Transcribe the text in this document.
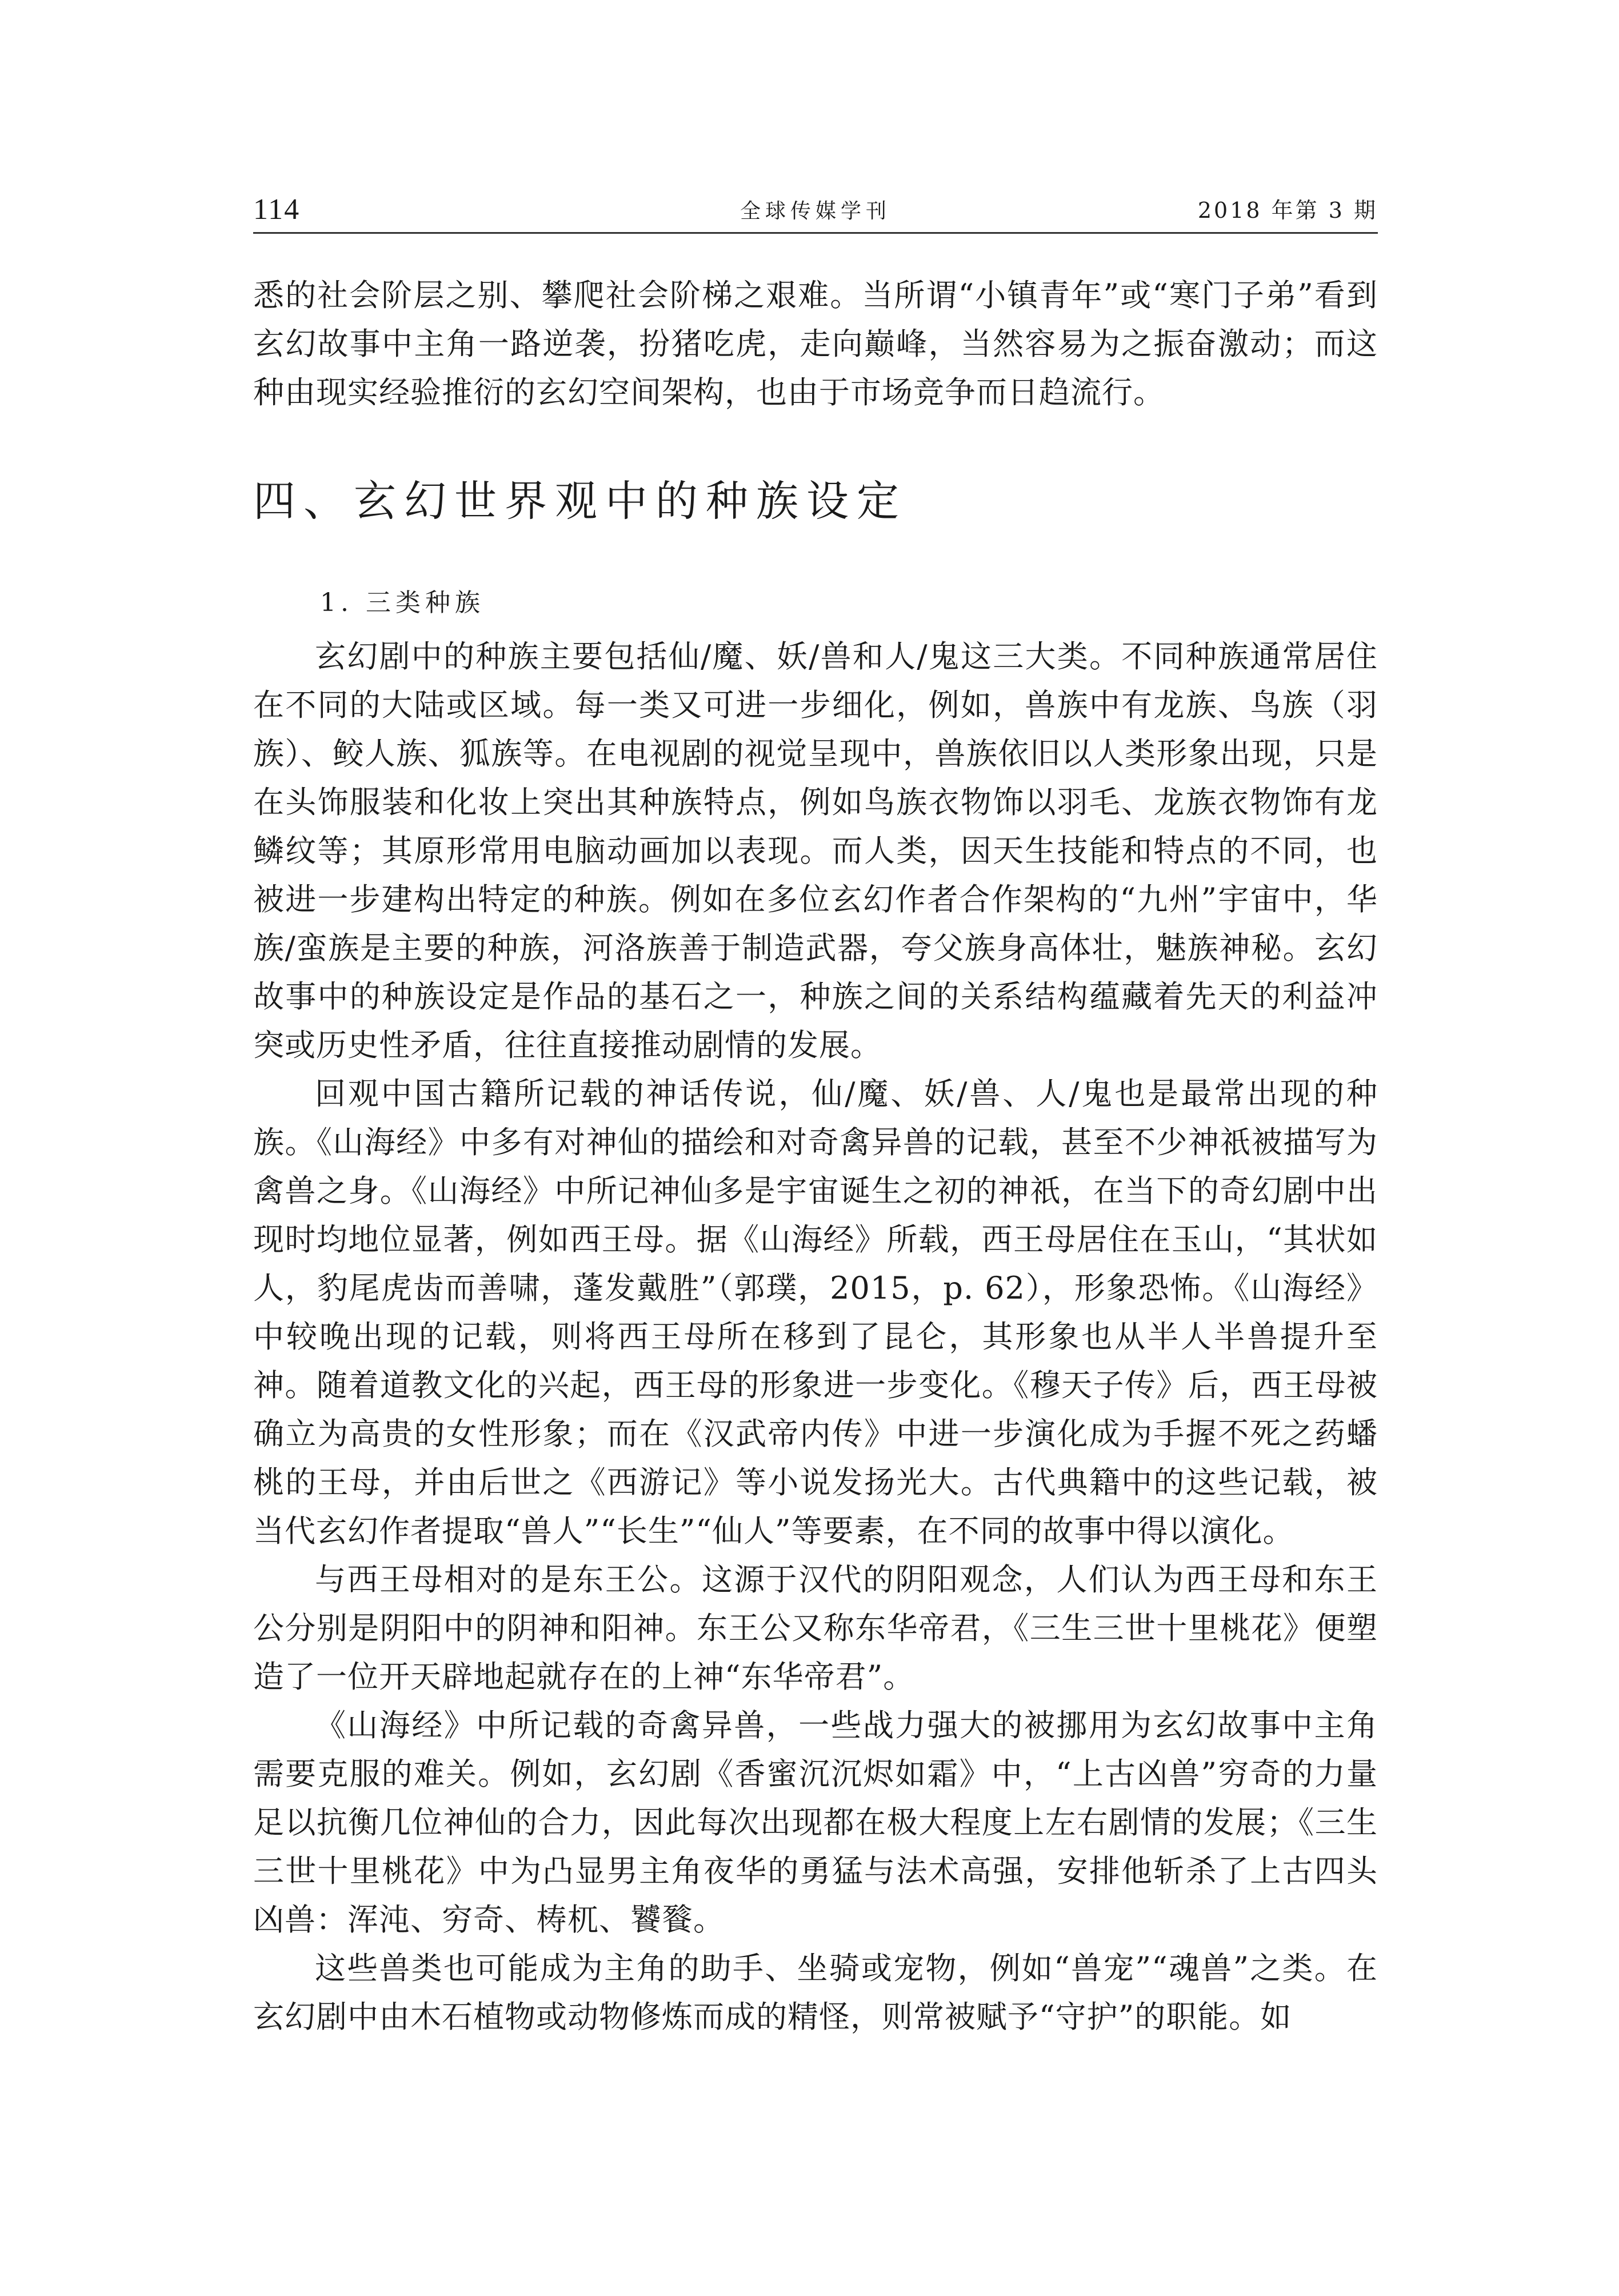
114	全球传媒学刊	2018 年第 3 期

悉的社会阶层之别、攀爬社会阶梯之艰难。当所谓“小镇青年”或“寒门子弟”看到玄幻故事中主角一路逆袭，扮猪吃虎，走向巅峰，当然容易为之振奋激动；而这种由现实经验推衍的玄幻空间架构，也由于市场竞争而日趋流行。

四、玄幻世界观中的种族设定
1. 三类种族

玄幻剧中的种族主要包括仙/魔、妖/兽和人/鬼这三大类。不同种族通常居住在不同的大陆或区域。每一类又可进一步细化，例如，兽族中有龙族、鸟族（羽族）、鲛人族、狐族等。在电视剧的视觉呈现中，兽族依旧以人类形象出现，只是在头饰服装和化妆上突出其种族特点，例如鸟族衣物饰以羽毛、龙族衣物饰有龙鳞纹等；其原形常用电脑动画加以表现。而人类，因天生技能和特点的不同，也被进一步建构出特定的种族。例如在多位玄幻作者合作架构的“九州”宇宙中，华族/蛮族是主要的种族，河洛族善于制造武器，夸父族身高体壮，魅族神秘。玄幻故事中的种族设定是作品的基石之一，种族之间的关系结构蕴藏着先天的利益冲突或历史性矛盾，往往直接推动剧情的发展。

回观中国古籍所记载的神话传说，仙/魔、妖/兽、人/鬼也是最常出现的种族。《山海经》中多有对神仙的描绘和对奇禽异兽的记载，甚至不少神祇被描写为禽兽之身。《山海经》中所记神仙多是宇宙诞生之初的神祇，在当下的奇幻剧中出现时均地位显著，例如西王母。据《山海经》所载，西王母居住在玉山，“其状如人，豹尾虎齿而善啸，蓬发戴胜”（郭璞，2015，p. 62），形象恐怖。《山海经》中较晚出现的记载，则将西王母所在移到了昆仑，其形象也从半人半兽提升至神。随着道教文化的兴起，西王母的形象进一步变化。《穆天子传》后，西王母被确立为高贵的女性形象；而在《汉武帝内传》中进一步演化成为手握不死之药蟠桃的王母，并由后世之《西游记》等小说发扬光大。古代典籍中的这些记载，被当代玄幻作者提取“兽人”“长生”“仙人”等要素，在不同的故事中得以演化。

与西王母相对的是东王公。这源于汉代的阴阳观念，人们认为西王母和东王公分别是阴阳中的阴神和阳神。东王公又称东华帝君，《三生三世十里桃花》便塑造了一位开天辟地起就存在的上神“东华帝君”。

《山海经》中所记载的奇禽异兽，一些战力强大的被挪用为玄幻故事中主角需要克服的难关。例如，玄幻剧《香蜜沉沉烬如霜》中，“上古凶兽”穷奇的力量足以抗衡几位神仙的合力，因此每次出现都在极大程度上左右剧情的发展；《三生三世十里桃花》中为凸显男主角夜华的勇猛与法术高强，安排他斩杀了上古四头凶兽：浑沌、穷奇、梼杌、饕餮。

这些兽类也可能成为主角的助手、坐骑或宠物，例如“兽宠”“魂兽”之类。在玄幻剧中由木石植物或动物修炼而成的精怪，则常被赋予“守护”的职能。如
